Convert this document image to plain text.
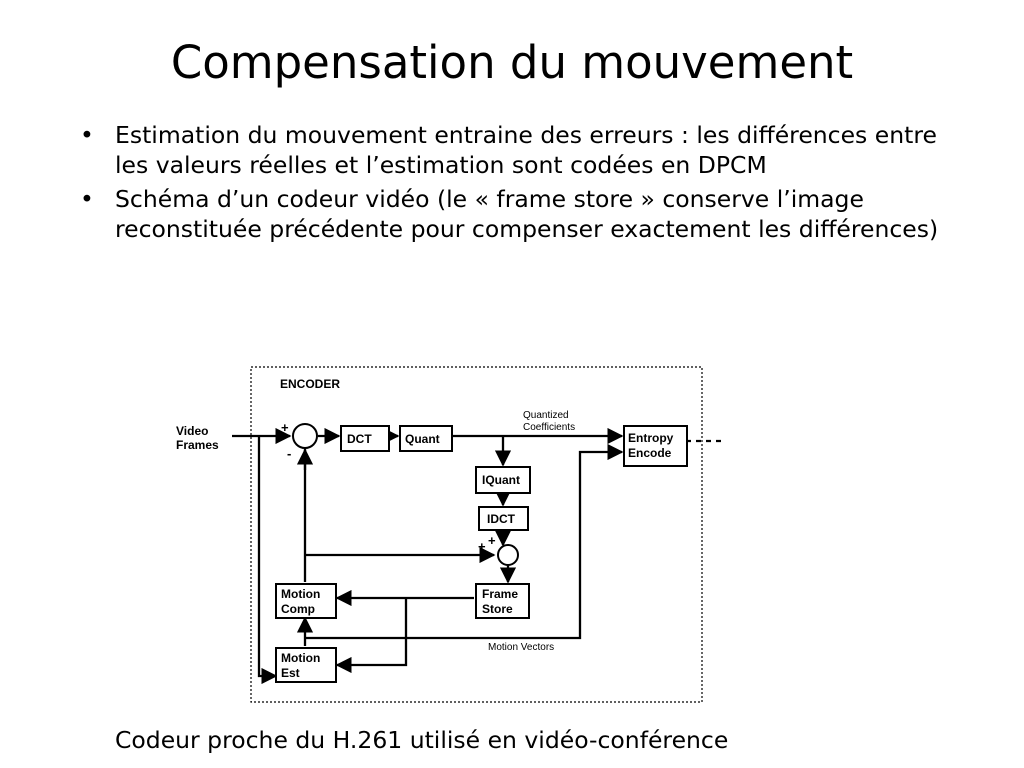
Compensation du mouvement
• Estimation du mouvement entraine des erreurs : les différences entre les valeurs réelles et l’estimation sont codées en DPCM
• Schéma d’un codeur vidéo (le « frame store » conserve l’image reconstituée précédente pour compenser exactement les différences)
ENCODER
Video
Frames
+
-
+ +
DCT	Quant	Entropy
Encode
IQuant
IDCT
Frame
Store
Motion
Comp
Motion
Est
Quantized
Coefficients
Motion Vectors
Codeur proche du H.261 utilisé en vidéo-conférence
